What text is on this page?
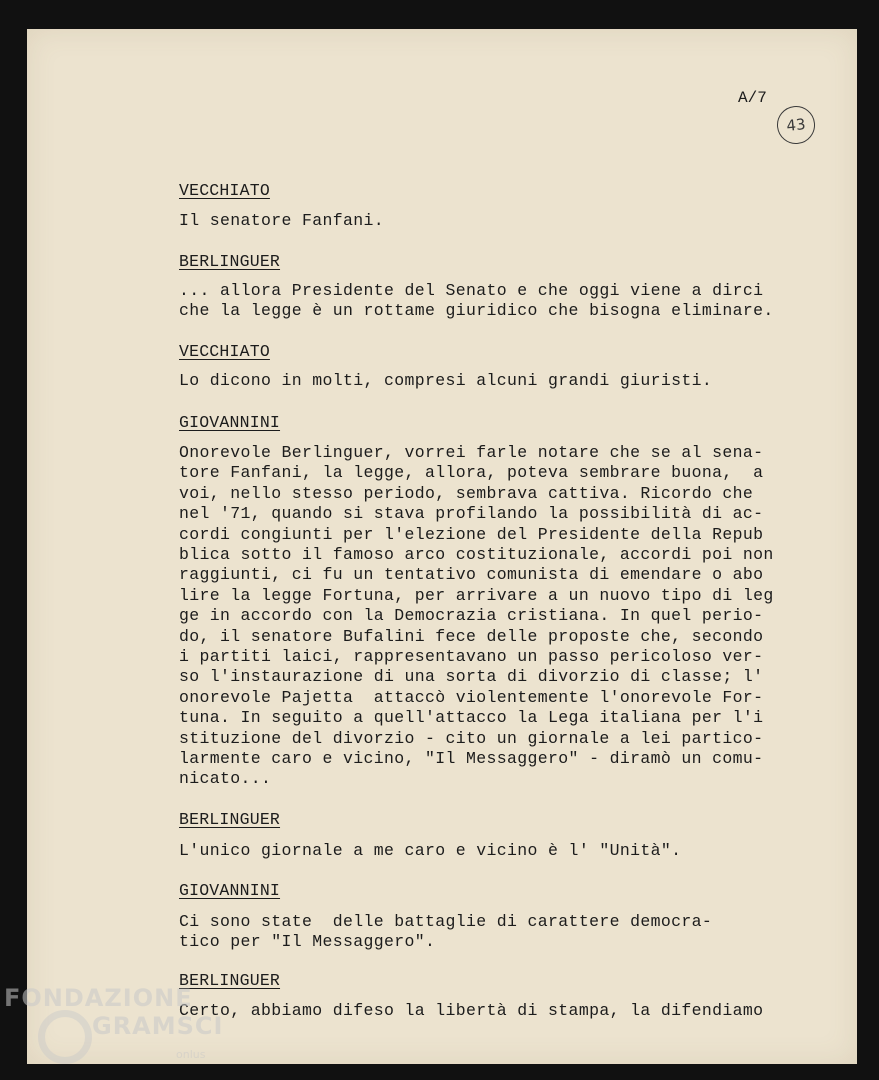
A/7
43
VECCHIATO
Il senatore Fanfani.
BERLINGUER
... allora Presidente del Senato e che oggi viene a dirci
che la legge è un rottame giuridico che bisogna eliminare.
VECCHIATO
Lo dicono in molti, compresi alcuni grandi giuristi.
GIOVANNINI
Onorevole Berlinguer, vorrei farle notare che se al sena-
tore Fanfani, la legge, allora, poteva sembrare buona,  a
voi, nello stesso periodo, sembrava cattiva. Ricordo che
nel '71, quando si stava profilando la possibilità di ac-
cordi congiunti per l'elezione del Presidente della Repub
blica sotto il famoso arco costituzionale, accordi poi non
raggiunti, ci fu un tentativo comunista di emendare o abo
lire la legge Fortuna, per arrivare a un nuovo tipo di leg
ge in accordo con la Democrazia cristiana. In quel perio-
do, il senatore Bufalini fece delle proposte che, secondo
i partiti laici, rappresentavano un passo pericoloso ver-
so l'instaurazione di una sorta di divorzio di classe; l'
onorevole Pajetta  attaccò violentemente l'onorevole For-
tuna. In seguito a quell'attacco la Lega italiana per l'i
stituzione del divorzio - cito un giornale a lei partico-
larmente caro e vicino, "Il Messaggero" - diramò un comu-
nicato...
BERLINGUER
L'unico giornale a me caro e vicino è l' "Unità".
GIOVANNINI
Ci sono state  delle battaglie di carattere democra-
tico per "Il Messaggero".
BERLINGUER
Certo, abbiamo difeso la libertà di stampa, la difendiamo
FONDAZIONE
GRAMSCI
onlus
